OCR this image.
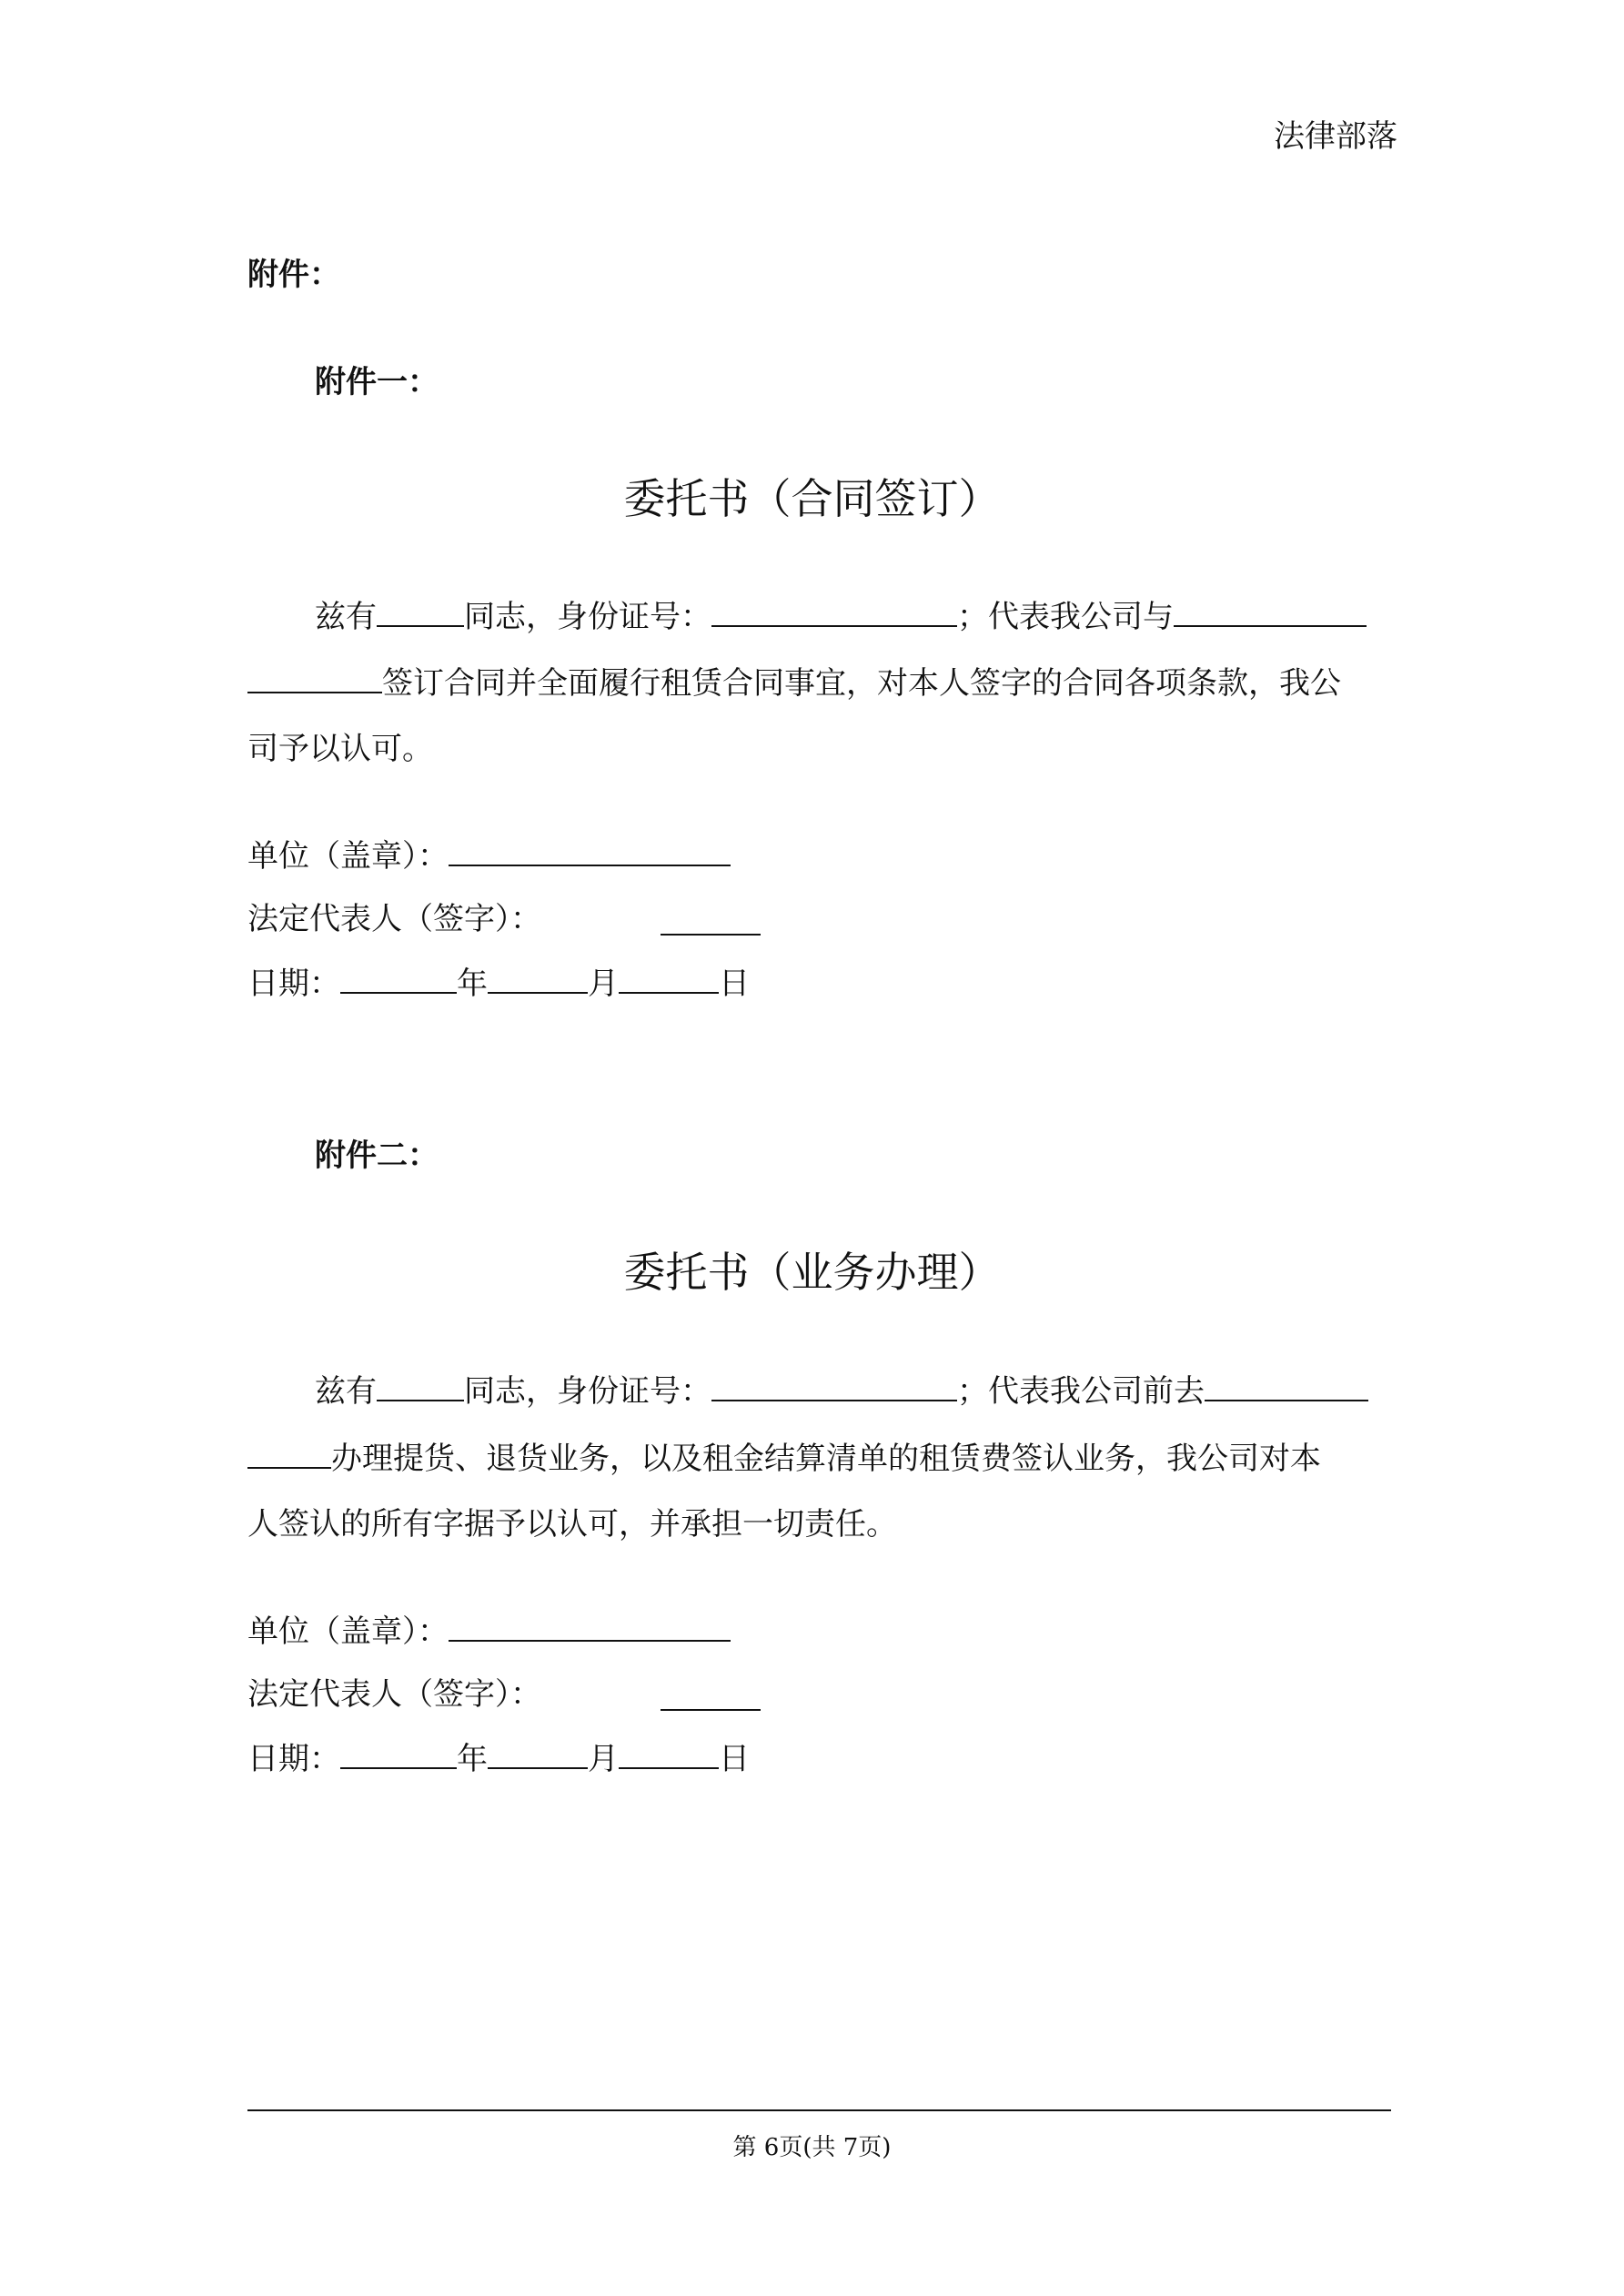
法律部落
附件：
附件一：
委托书（合同签订）
兹有	同志，身份证号：	；代表我公司与
签订合同并全面履行租赁合同事宜，对本人签字的合同各项条款，我公
司予以认可。
单位（盖章）：
法定代表人（签字）：
日期：	年	月	日
附件二：
委托书（业务办理）
兹有	同志，身份证号：	；代表我公司前去
办理提货、退货业务，以及租金结算清单的租赁费签认业务，我公司对本
人签认的所有字据予以认可，并承担一切责任。
单位（盖章）：
法定代表人（签字）：
日期：	年	月	日
第 6页(共 7页)
